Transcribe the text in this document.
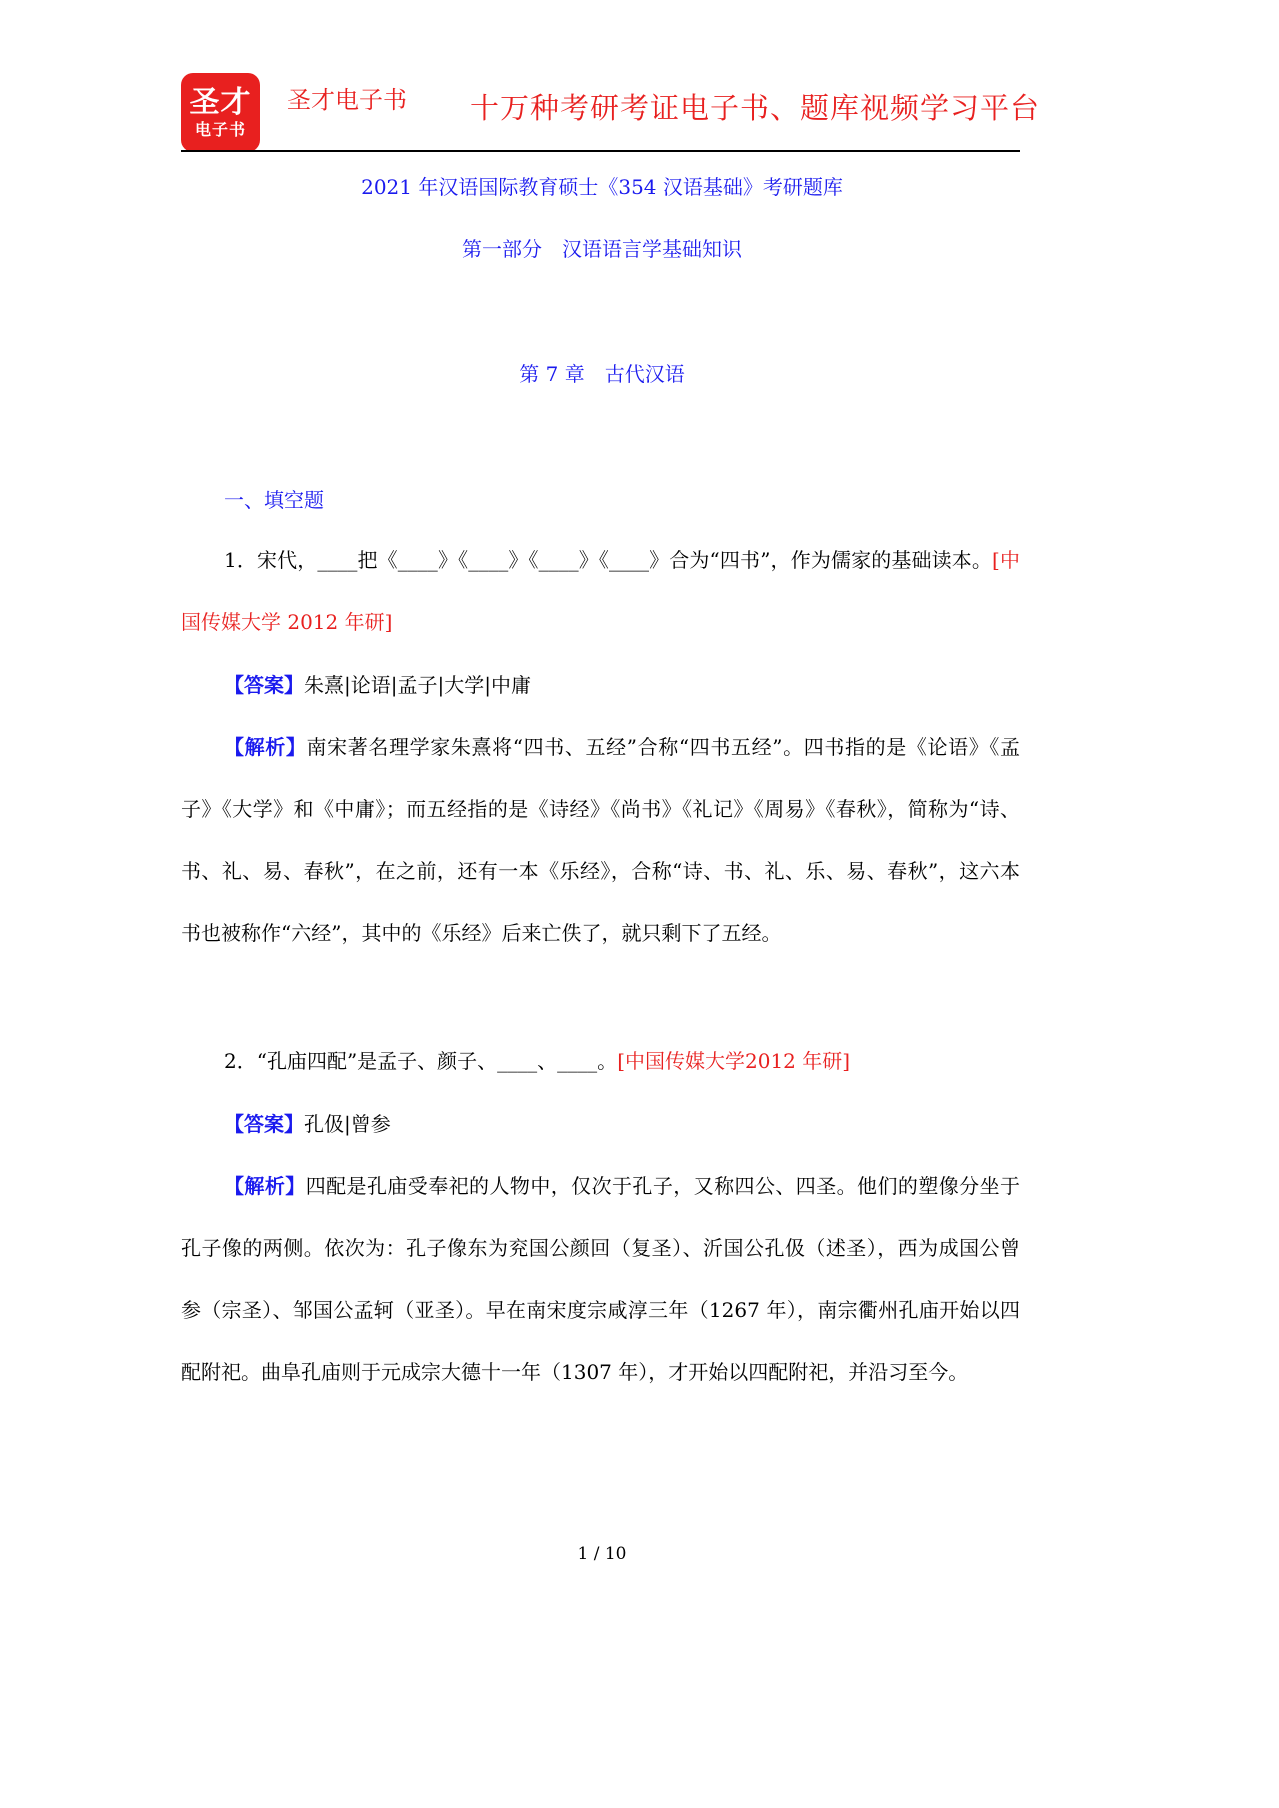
圣才
电子书
圣才电子书 十万种考研考证电子书、题库视频学习平台
2021 年汉语国际教育硕士《354 汉语基础》考研题库
第一部分　汉语语言学基础知识
第 7 章　古代汉语
一、填空题
1．宋代，____把《____》《____》《____》《____》合为“四书”，作为儒家的基础读本。[中国传媒大学 2012 年研]
【答案】朱熹|论语|孟子|大学|中庸
【解析】南宋著名理学家朱熹将“四书、五经”合称“四书五经”。四书指的是《论语》《孟子》《大学》和《中庸》；而五经指的是《诗经》《尚书》《礼记》《周易》《春秋》，简称为“诗、书、礼、易、春秋”，在之前，还有一本《乐经》，合称“诗、书、礼、乐、易、春秋”，这六本书也被称作“六经”，其中的《乐经》后来亡佚了，就只剩下了五经。
2．“孔庙四配”是孟子、颜子、____、____。[中国传媒大学2012 年研]
【答案】孔伋|曾参
【解析】四配是孔庙受奉祀的人物中，仅次于孔子，又称四公、四圣。他们的塑像分坐于孔子像的两侧。依次为：孔子像东为兖国公颜回（复圣）、沂国公孔伋（述圣），西为成国公曾参（宗圣）、邹国公孟轲（亚圣）。早在南宋度宗咸淳三年（1267 年），南宗衢州孔庙开始以四配附祀。曲阜孔庙则于元成宗大德十一年（1307 年），才开始以四配附祀，并沿习至今。
1 / 10
